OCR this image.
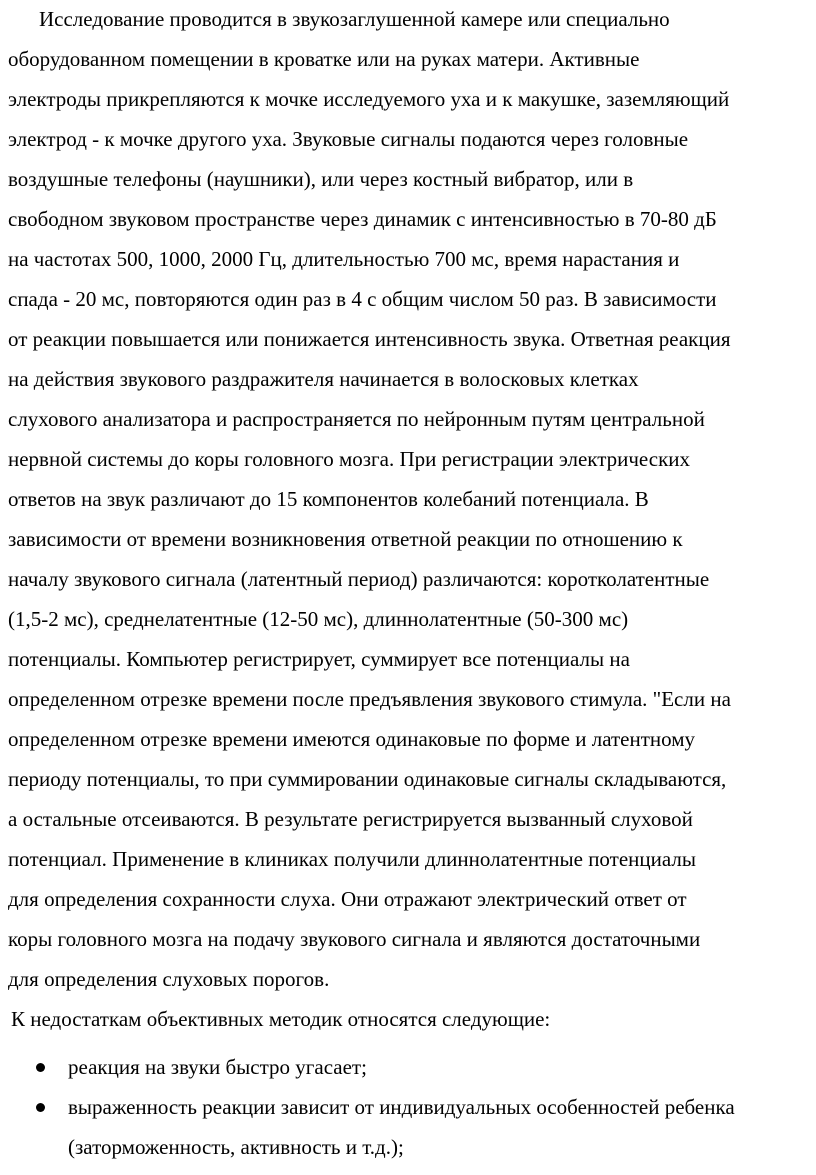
Исследование проводится в звукозаглушенной камере или специально
оборудованном помещении в кроватке или на руках матери. Активные
электроды прикрепляются к мочке исследуемого уха и к макушке, заземляющий
электрод - к мочке другого уха. Звуковые сигналы подаются через головные
воздушные телефоны (наушники), или через костный вибратор, или в
свободном звуковом пространстве через динамик с интенсивностью в 70-80 дБ
на частотах 500, 1000, 2000 Гц, длительностью 700 мс, время нарастания и
спада - 20 мс, повторяются один раз в 4 с общим числом 50 раз. В зависимости
от реакции повышается или понижается интенсивность звука. Ответная реакция
на действия звукового раздражителя начинается в волосковых клетках
слухового анализатора и распространяется по нейронным путям центральной
нервной системы до коры головного мозга. При регистрации электрических
ответов на звук различают до 15 компонентов колебаний потенциала. В
зависимости от времени возникновения ответной реакции по отношению к
началу звукового сигнала (латентный период) различаются: коротколатентные
(1,5-2 мс), среднелатентные (12-50 мс), длиннолатентные (50-300 мс)
потенциалы. Компьютер регистрирует, суммирует все потенциалы на
определенном отрезке времени после предъявления звукового стимула. "Если на
определенном отрезке времени имеются одинаковые по форме и латентному
периоду потенциалы, то при суммировании одинаковые сигналы складываются,
а остальные отсеиваются. В результате регистрируется вызванный слуховой
потенциал. Применение в клиниках получили длиннолатентные потенциалы
для определения сохранности слуха. Они отражают электрический ответ от
коры головного мозга на подачу звукового сигнала и являются достаточными
для определения слуховых порогов.
К недостаткам объективных методик относятся следующие:
реакция на звуки быстро угасает;
выраженность реакции зависит от индивидуальных особенностей ребенка
(заторможенность, активность и т.д.);
